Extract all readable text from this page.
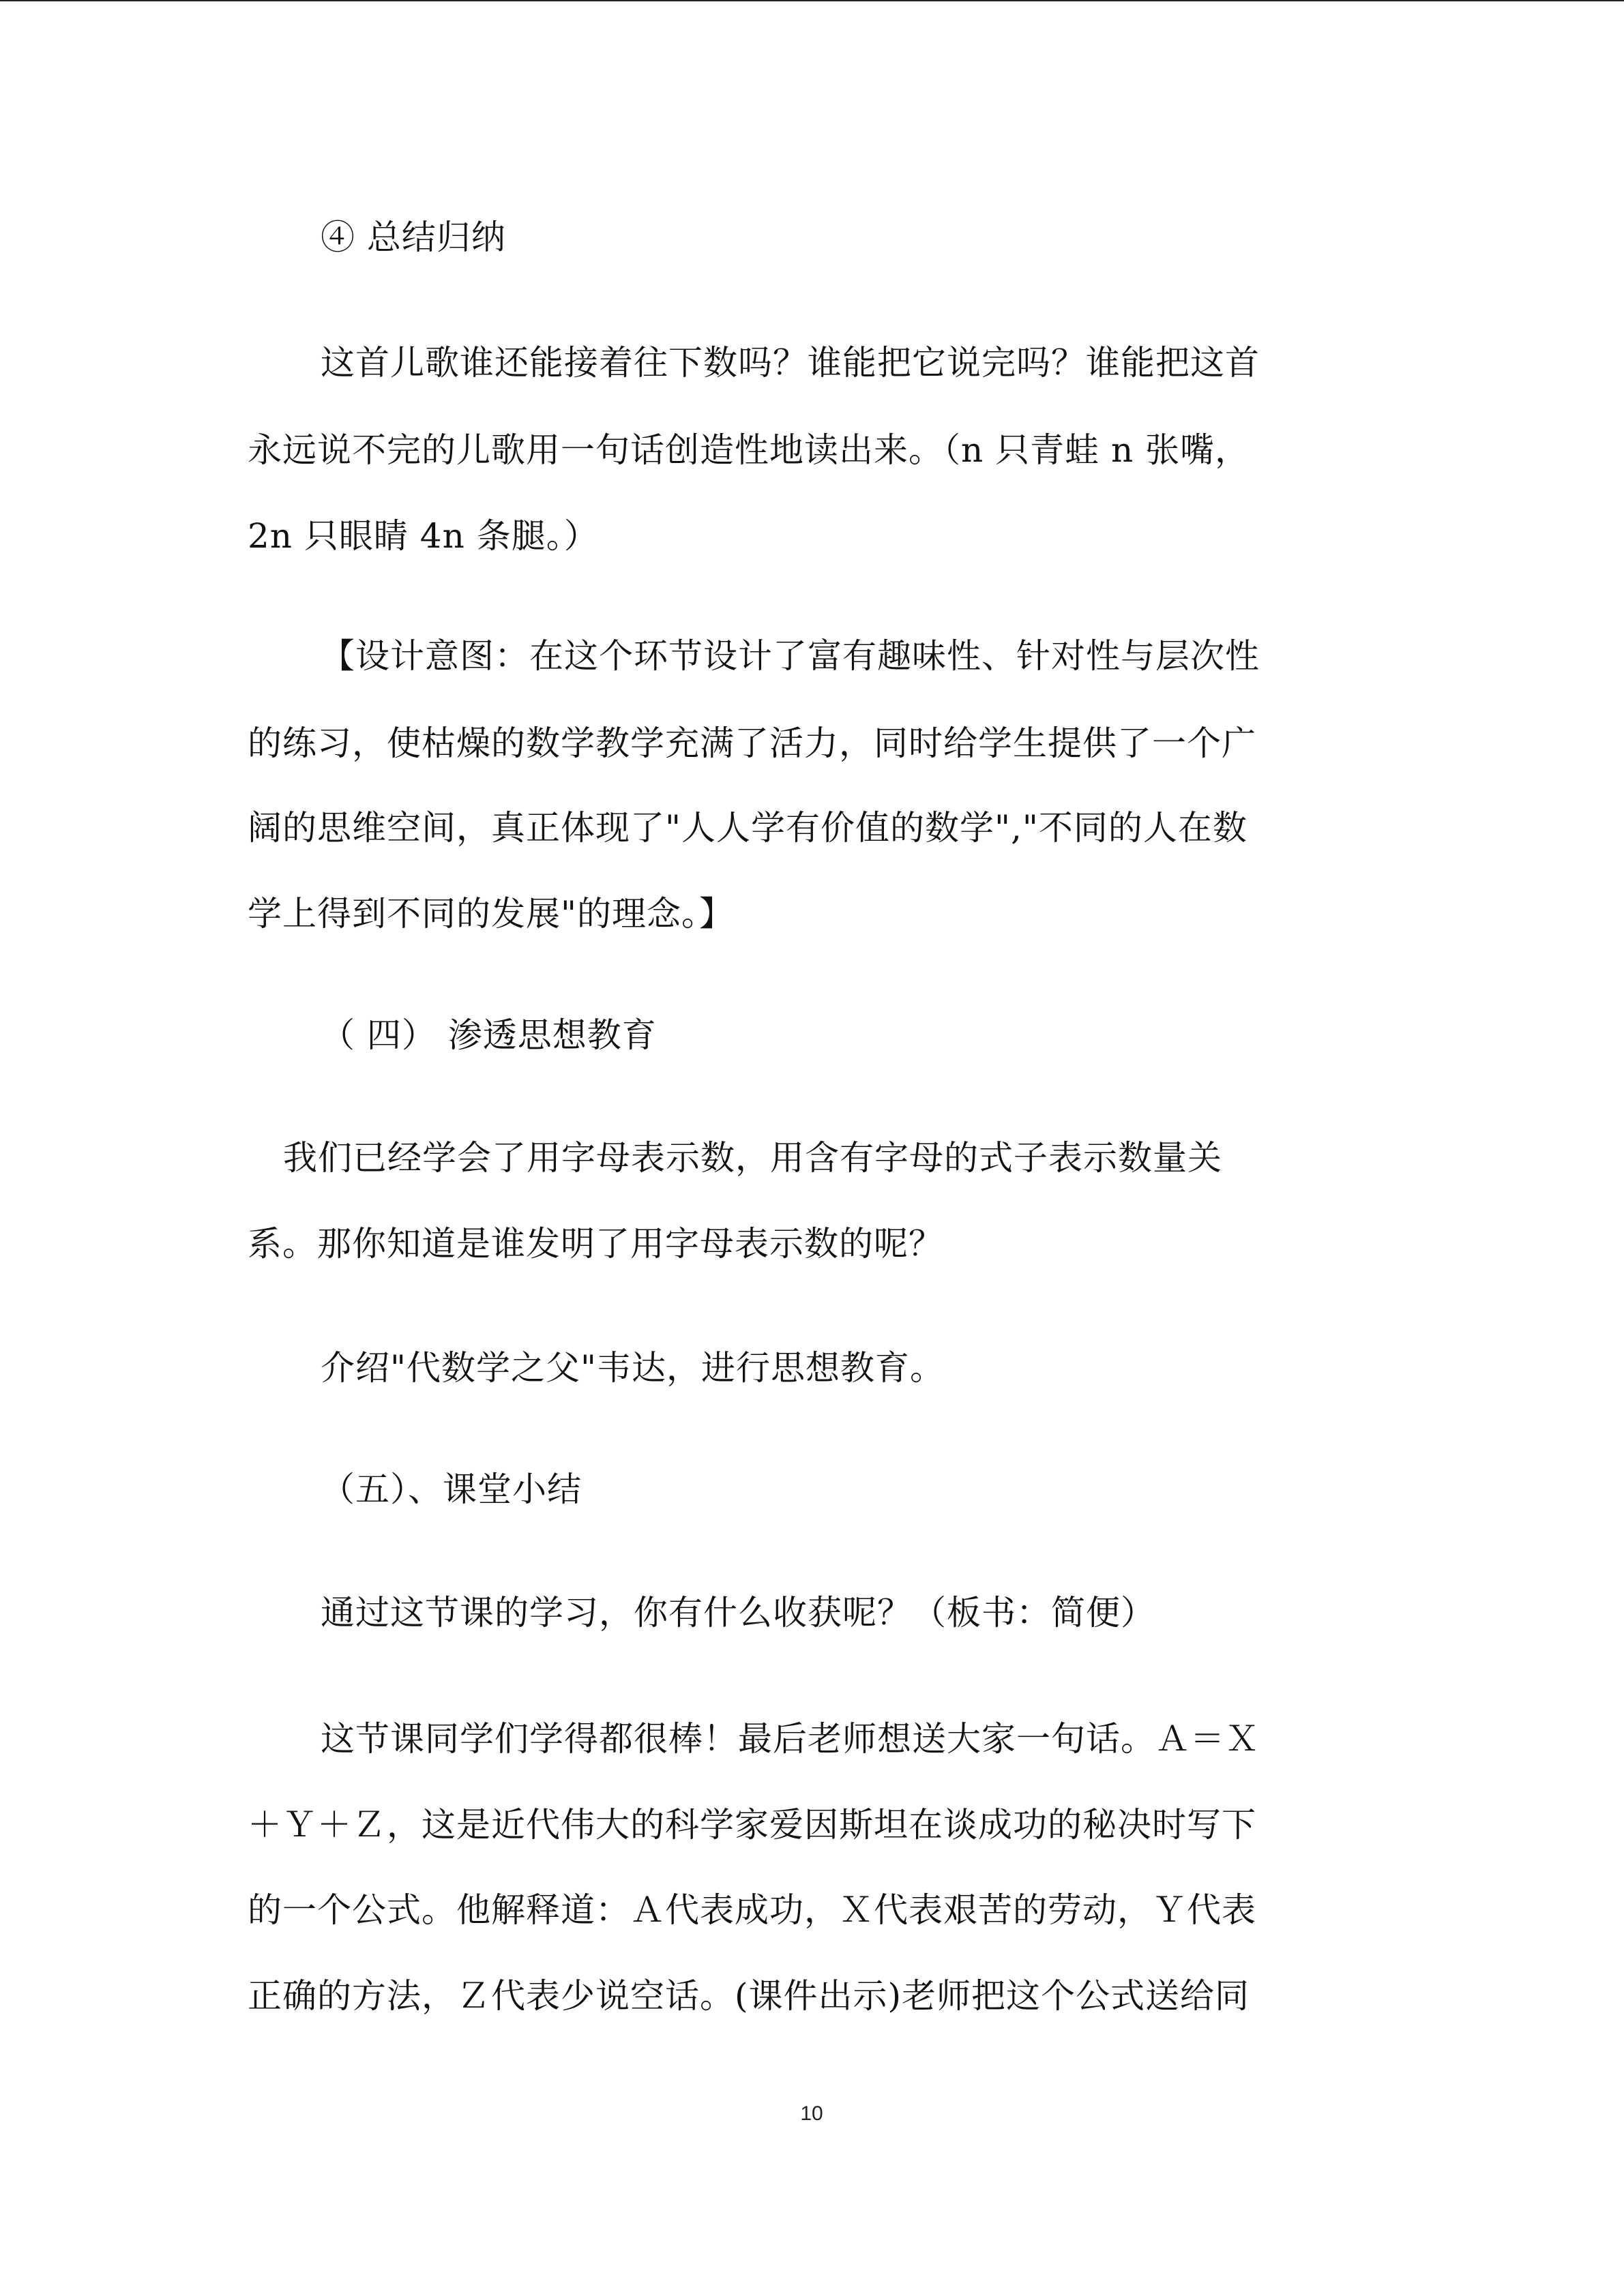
④ 总结归纳
这首儿歌谁还能接着往下数吗？谁能把它说完吗？谁能把这首
永远说不完的儿歌用一句话创造性地读出来。（n 只青蛙 n 张嘴，
2n 只眼睛 4n 条腿。）
【设计意图：在这个环节设计了富有趣味性、针对性与层次性
的练习，使枯燥的数学教学充满了活力，同时给学生提供了一个广
阔的思维空间，真正体现了"人人学有价值的数学","不同的人在数
学上得到不同的发展"的理念。】
（ 四） 渗透思想教育
我们已经学会了用字母表示数，用含有字母的式子表示数量关
系。那你知道是谁发明了用字母表示数的呢？
介绍"代数学之父"韦达，进行思想教育。
（五）、课堂小结
通过这节课的学习，你有什么收获呢？（板书：简便）
这节课同学们学得都很棒！最后老师想送大家一句话。Ａ＝Ｘ
＋Ｙ＋Ｚ，这是近代伟大的科学家爱因斯坦在谈成功的秘决时写下
的一个公式。他解释道：Ａ代表成功，Ｘ代表艰苦的劳动，Ｙ代表
正确的方法，Ｚ代表少说空话。(课件出示)老师把这个公式送给同
10
